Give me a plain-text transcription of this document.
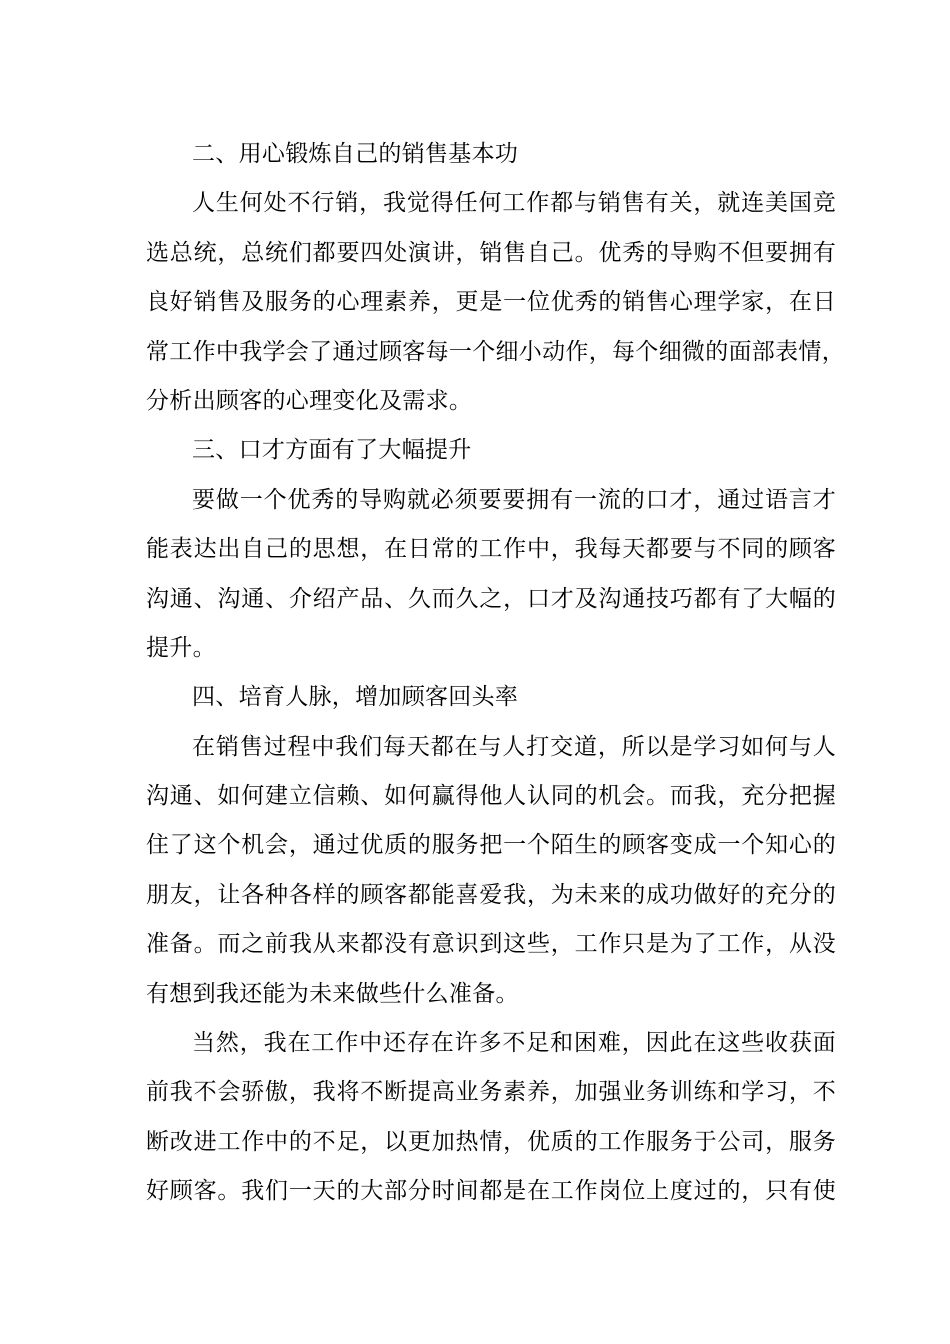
二、用心锻炼自己的销售基本功
人生何处不行销，我觉得任何工作都与销售有关，就连美国竞
选总统，总统们都要四处演讲，销售自己。优秀的导购不但要拥有
良好销售及服务的心理素养，更是一位优秀的销售心理学家，在日
常工作中我学会了通过顾客每一个细小动作，每个细微的面部表情，
分析出顾客的心理变化及需求。
三、口才方面有了大幅提升
要做一个优秀的导购就必须要要拥有一流的口才，通过语言才
能表达出自己的思想，在日常的工作中，我每天都要与不同的顾客
沟通、沟通、介绍产品、久而久之，口才及沟通技巧都有了大幅的
提升。
四、培育人脉，增加顾客回头率
在销售过程中我们每天都在与人打交道，所以是学习如何与人
沟通、如何建立信赖、如何赢得他人认同的机会。而我，充分把握
住了这个机会，通过优质的服务把一个陌生的顾客变成一个知心的
朋友，让各种各样的顾客都能喜爱我，为未来的成功做好的充分的
准备。而之前我从来都没有意识到这些，工作只是为了工作，从没
有想到我还能为未来做些什么准备。
当然，我在工作中还存在许多不足和困难，因此在这些收获面
前我不会骄傲，我将不断提高业务素养，加强业务训练和学习，不
断改进工作中的不足，以更加热情，优质的工作服务于公司，服务
好顾客。我们一天的大部分时间都是在工作岗位上度过的，只有使
